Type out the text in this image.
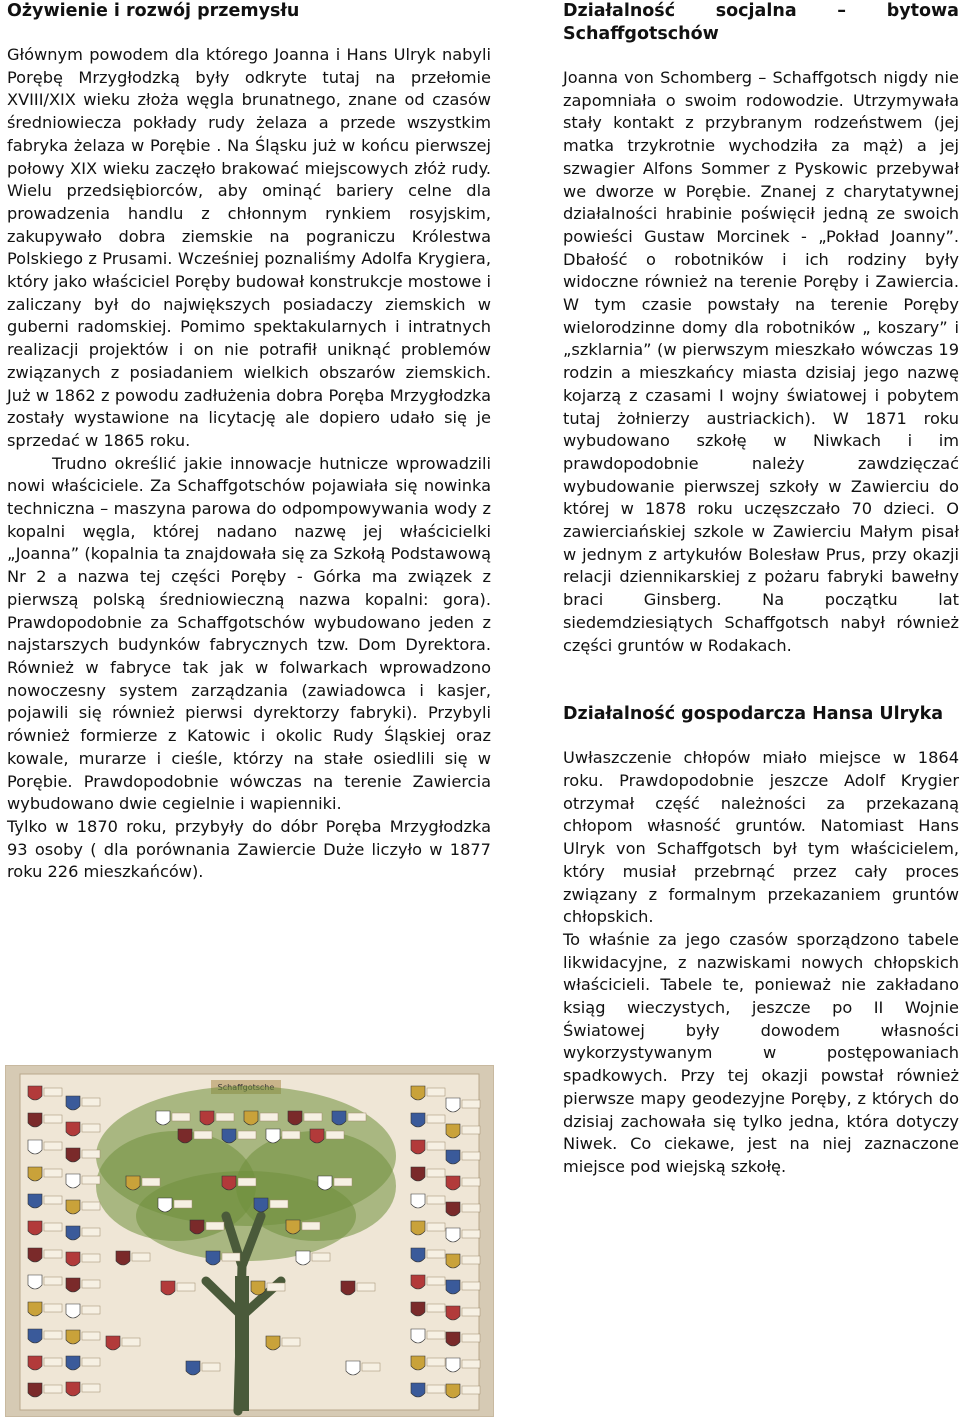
Ożywienie i rozwój przemysłu

Głównym powodem dla którego Joanna i Hans Ulryk nabyli Porębę Mrzygłodzką były odkryte tutaj na przełomie XVIII/XIX wieku złoża węgla brunatnego, znane od czasów średniowiecza pokłady rudy żelaza a przede wszystkim fabryka żelaza w Porębie . Na Śląsku już w końcu pierwszej połowy XIX wieku zaczęło brakować miejscowych złóż rudy. Wielu przedsiębiorców, aby ominąć bariery celne dla prowadzenia handlu z chłonnym rynkiem rosyjskim, zakupywało dobra ziemskie na pograniczu Królestwa Polskiego z Prusami. Wcześniej poznaliśmy Adolfa Krygiera, który jako właściciel Poręby budował konstrukcje mostowe i zaliczany był do największych posiadaczy ziemskich w guberni radomskiej. Pomimo spektakularnych i intratnych realizacji projektów i on nie potrafił uniknąć problemów związanych z posiadaniem wielkich obszarów ziemskich. Już w 1862 z powodu zadłużenia dobra Poręba Mrzygłodzka zostały wystawione na licytację ale dopiero udało się je sprzedać w 1865 roku.

Trudno określić jakie innowacje hutnicze wprowadzili nowi właściciele. Za Schaffgotschów pojawiała się nowinka techniczna – maszyna parowa do odpompowywania wody z kopalni węgla, której nadano nazwę jej właścicielki „Joanna” (kopalnia ta znajdowała się za Szkołą Podstawową Nr 2 a nazwa tej części Poręby - Górka ma związek z pierwszą polską średniowieczną nazwa kopalni: gora). Prawdopodobnie za Schaffgotschów wybudowano jeden z najstarszych budynków fabrycznych tzw. Dom Dyrektora. Również w fabryce tak jak w folwarkach wprowadzono nowoczesny system zarządzania (zawiadowca i kasjer, pojawili się również pierwsi dyrektorzy fabryki). Przybyli również formierze z Katowic i okolic Rudy Śląskiej oraz kowale, murarze i cieśle, którzy na stałe osiedlili się w Porębie. Prawdopodobnie wówczas na terenie Zawiercia wybudowano dwie cegielnie i wapienniki.

Tylko w 1870 roku, przybyły do dóbr Poręba Mrzygłodzka 93 osoby ( dla porównania Zawiercie Duże liczyło w 1877 roku 226 mieszkańców).

Działalność socjalna – bytowa Schaffgotschów

Joanna von Schomberg – Schaffgotsch nigdy nie zapomniała o swoim rodowodzie. Utrzymywała stały kontakt z przybranym rodzeństwem (jej matka trzykrotnie wychodziła za mąż) a jej szwagier Alfons Sommer z Pyskowic przebywał we dworze w Porębie. Znanej z charytatywnej działalności hrabinie poświęcił jedną ze swoich powieści Gustaw Morcinek - „Pokład Joanny”. Dbałość o robotników i ich rodziny były widoczne również na terenie Poręby i Zawiercia. W tym czasie powstały na terenie Poręby wielorodzinne domy dla robotników „ koszary” i „szklarnia” (w pierwszym mieszkało wówczas 19 rodzin a mieszkańcy miasta dzisiaj jego nazwę kojarzą z czasami I wojny światowej i pobytem tutaj żołnierzy austriackich). W 1871 roku wybudowano szkołę w Niwkach i im prawdopodobnie należy zawdzięczać wybudowanie pierwszej szkoły w Zawierciu do której w 1878 roku uczęszczało 70 dzieci. O zawierciańskiej szkole w Zawierciu Małym pisał w jednym z artykułów Bolesław Prus, przy okazji relacji dziennikarskiej z pożaru fabryki bawełny braci Ginsberg. Na początku lat siedemdziesiątych Schaffgotsch nabył również części gruntów w Rodakach.

Działalność gospodarcza Hansa Ulryka

Uwłaszczenie chłopów miało miejsce w 1864 roku. Prawdopodobnie jeszcze Adolf Krygier otrzymał część należności za przekazaną chłopom własność gruntów. Natomiast Hans Ulryk von Schaffgotsch był tym właścicielem, który musiał przebrnąć przez cały proces związany z formalnym przekazaniem gruntów chłopskich.

To właśnie za jego czasów sporządzono tabele likwidacyjne, z nazwiskami nowych chłopskich właścicieli. Tabele te, ponieważ nie zakładano ksiąg wieczystych, jeszcze po II Wojnie Światowej były dowodem własności wykorzystywanym w postępowaniach spadkowych. Przy tej okazji powstał również pierwsze mapy geodezyjne Poręby, z których do dzisiaj zachowała się tylko jedna, która dotyczy Niwek. Co ciekawe, jest na niej zaznaczone miejsce pod wiejską szkołę.
